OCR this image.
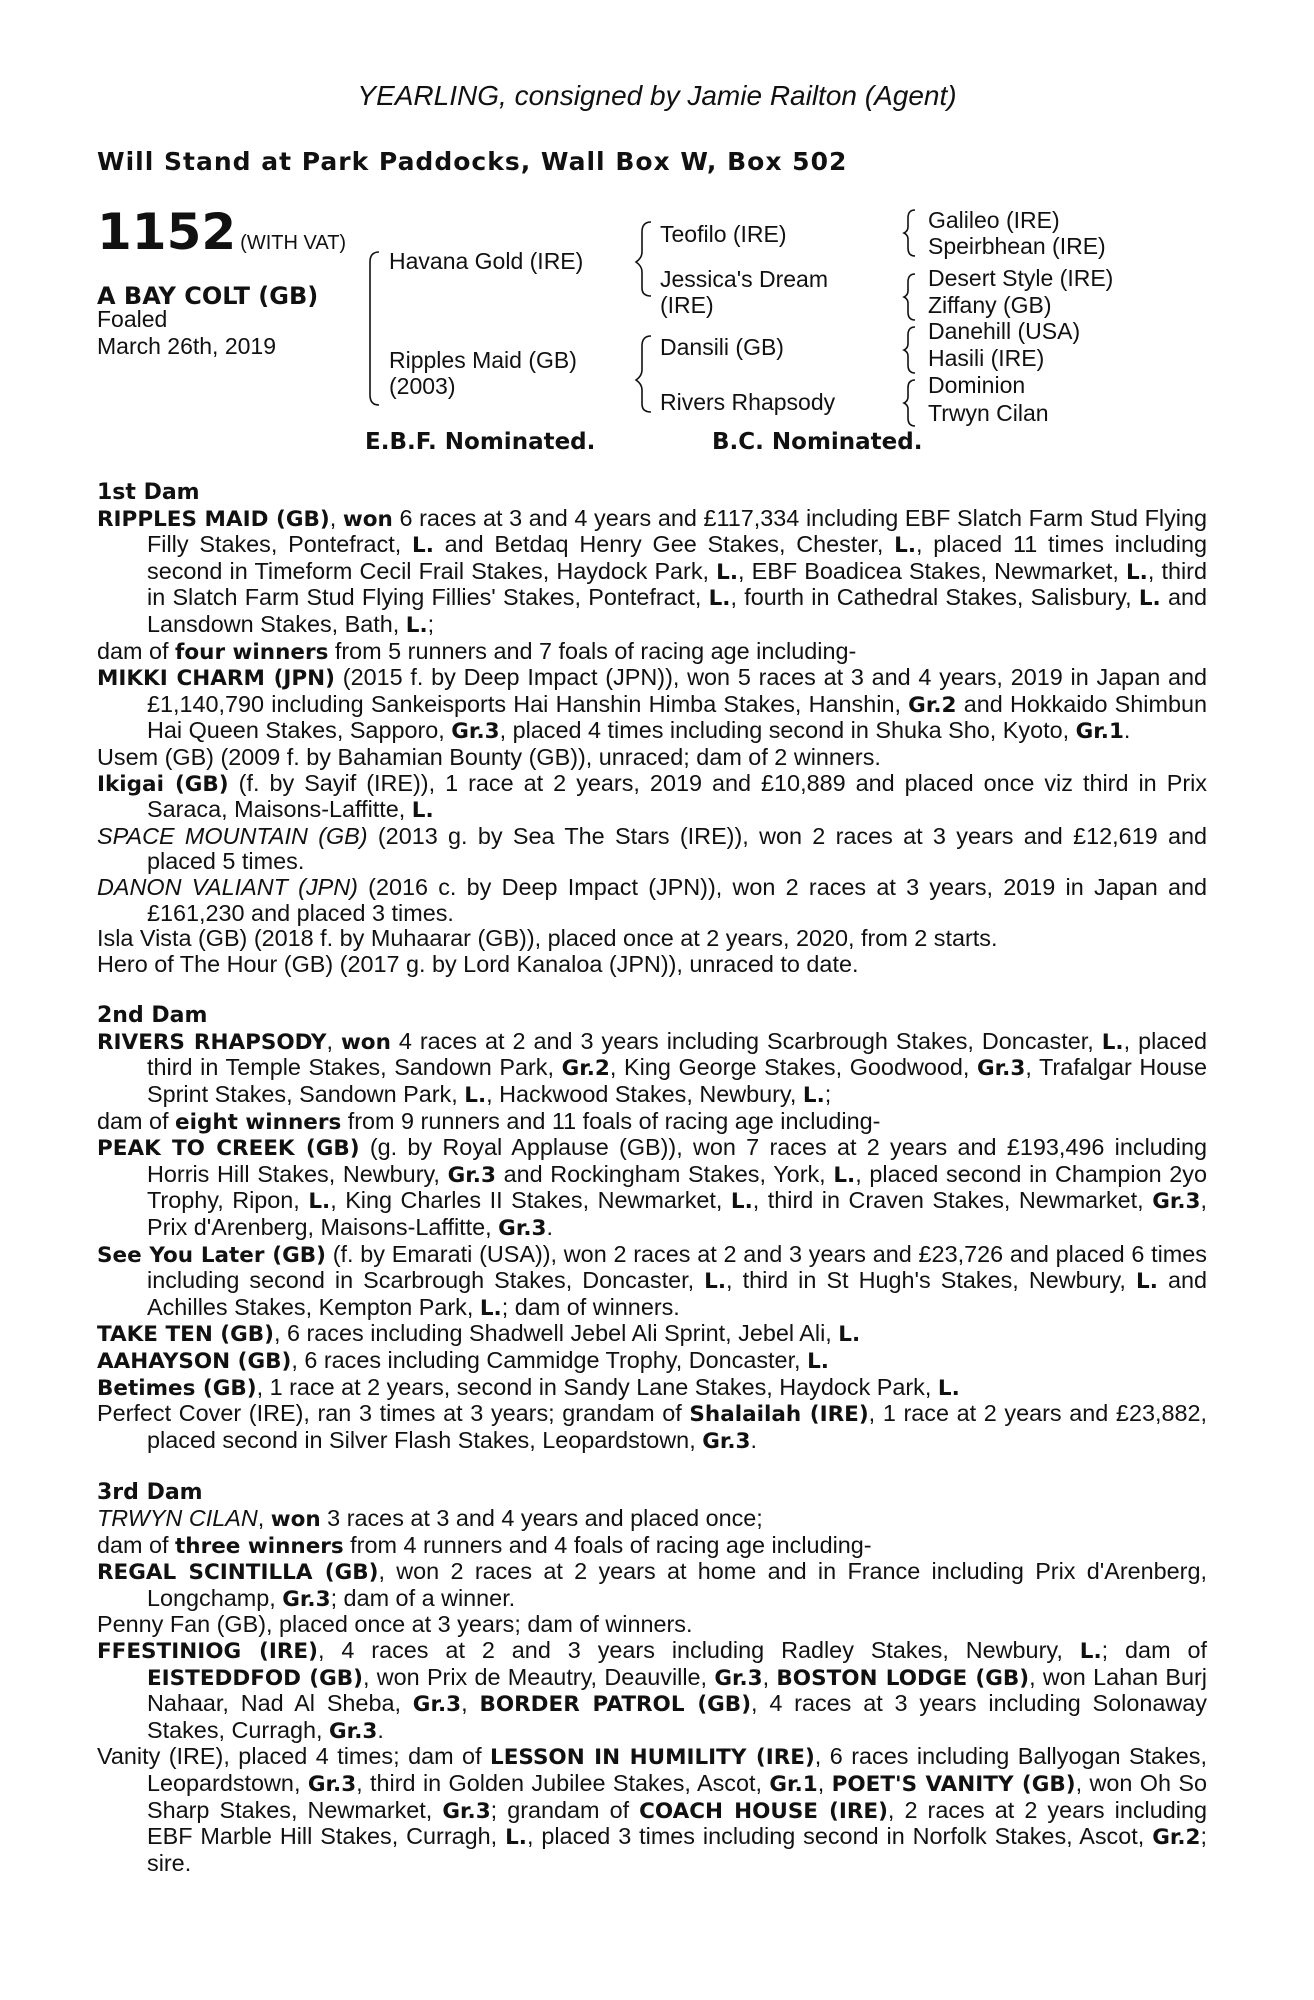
YEARLING, consigned by Jamie Railton (Agent)
Will Stand at Park Paddocks, Wall Box W, Box 502
1152 (WITH VAT)
A BAY COLT (GB)
Foaled
March 26th, 2019
Havana Gold (IRE)
Ripples Maid (GB)
(2003)
Teofilo (IRE)
Jessica's Dream
(IRE)
Dansili (GB)
Rivers Rhapsody
Galileo (IRE)
Speirbhean (IRE)
Desert Style (IRE)
Ziffany (GB)
Danehill (USA)
Hasili (IRE)
Dominion
Trwyn Cilan
E.B.F. Nominated.	B.C. Nominated.

1st Dam

RIPPLES MAID (GB), won 6 races at 3 and 4 years and £117,334 including EBF Slatch Farm Stud Flying Filly Stakes, Pontefract, L. and Betdaq Henry Gee Stakes, Chester, L., placed 11 times including second in Timeform Cecil Frail Stakes, Haydock Park, L., EBF Boadicea Stakes, Newmarket, L., third in Slatch Farm Stud Flying Fillies' Stakes, Pontefract, L., fourth in Cathedral Stakes, Salisbury, L. and Lansdown Stakes, Bath, L.;

dam of four winners from 5 runners and 7 foals of racing age including-

MIKKI CHARM (JPN) (2015 f. by Deep Impact (JPN)), won 5 races at 3 and 4 years, 2019 in Japan and £1,140,790 including Sankeisports Hai Hanshin Himba Stakes, Hanshin, Gr.2 and Hokkaido Shimbun Hai Queen Stakes, Sapporo, Gr.3, placed 4 times including second in Shuka Sho, Kyoto, Gr.1.

Usem (GB) (2009 f. by Bahamian Bounty (GB)), unraced; dam of 2 winners.

Ikigai (GB) (f. by Sayif (IRE)), 1 race at 2 years, 2019 and £10,889 and placed once viz third in Prix Saraca, Maisons-Laffitte, L.

SPACE MOUNTAIN (GB) (2013 g. by Sea The Stars (IRE)), won 2 races at 3 years and £12,619 and placed 5 times.

DANON VALIANT (JPN) (2016 c. by Deep Impact (JPN)), won 2 races at 3 years, 2019 in Japan and £161,230 and placed 3 times.

Isla Vista (GB) (2018 f. by Muhaarar (GB)), placed once at 2 years, 2020, from 2 starts.

Hero of The Hour (GB) (2017 g. by Lord Kanaloa (JPN)), unraced to date.

2nd Dam

RIVERS RHAPSODY, won 4 races at 2 and 3 years including Scarbrough Stakes, Doncaster, L., placed third in Temple Stakes, Sandown Park, Gr.2, King George Stakes, Goodwood, Gr.3, Trafalgar House Sprint Stakes, Sandown Park, L., Hackwood Stakes, Newbury, L.;

dam of eight winners from 9 runners and 11 foals of racing age including-

PEAK TO CREEK (GB) (g. by Royal Applause (GB)), won 7 races at 2 years and £193,496 including Horris Hill Stakes, Newbury, Gr.3 and Rockingham Stakes, York, L., placed second in Champion 2yo Trophy, Ripon, L., King Charles II Stakes, Newmarket, L., third in Craven Stakes, Newmarket, Gr.3, Prix d'Arenberg, Maisons-Laffitte, Gr.3.

See You Later (GB) (f. by Emarati (USA)), won 2 races at 2 and 3 years and £23,726 and placed 6 times including second in Scarbrough Stakes, Doncaster, L., third in St Hugh's Stakes, Newbury, L. and Achilles Stakes, Kempton Park, L.; dam of winners.

TAKE TEN (GB), 6 races including Shadwell Jebel Ali Sprint, Jebel Ali, L.

AAHAYSON (GB), 6 races including Cammidge Trophy, Doncaster, L.

Betimes (GB), 1 race at 2 years, second in Sandy Lane Stakes, Haydock Park, L.

Perfect Cover (IRE), ran 3 times at 3 years; grandam of Shalailah (IRE), 1 race at 2 years and £23,882, placed second in Silver Flash Stakes, Leopardstown, Gr.3.

3rd Dam

TRWYN CILAN, won 3 races at 3 and 4 years and placed once;

dam of three winners from 4 runners and 4 foals of racing age including-

REGAL SCINTILLA (GB), won 2 races at 2 years at home and in France including Prix d'Arenberg, Longchamp, Gr.3; dam of a winner.

Penny Fan (GB), placed once at 3 years; dam of winners.

FFESTINIOG (IRE), 4 races at 2 and 3 years including Radley Stakes, Newbury, L.; dam of EISTEDDFOD (GB), won Prix de Meautry, Deauville, Gr.3, BOSTON LODGE (GB), won Lahan Burj Nahaar, Nad Al Sheba, Gr.3, BORDER PATROL (GB), 4 races at 3 years including Solonaway Stakes, Curragh, Gr.3.

Vanity (IRE), placed 4 times; dam of LESSON IN HUMILITY (IRE), 6 races including Ballyogan Stakes, Leopardstown, Gr.3, third in Golden Jubilee Stakes, Ascot, Gr.1, POET'S VANITY (GB), won Oh So Sharp Stakes, Newmarket, Gr.3; grandam of COACH HOUSE (IRE), 2 races at 2 years including EBF Marble Hill Stakes, Curragh, L., placed 3 times including second in Norfolk Stakes, Ascot, Gr.2; sire.
